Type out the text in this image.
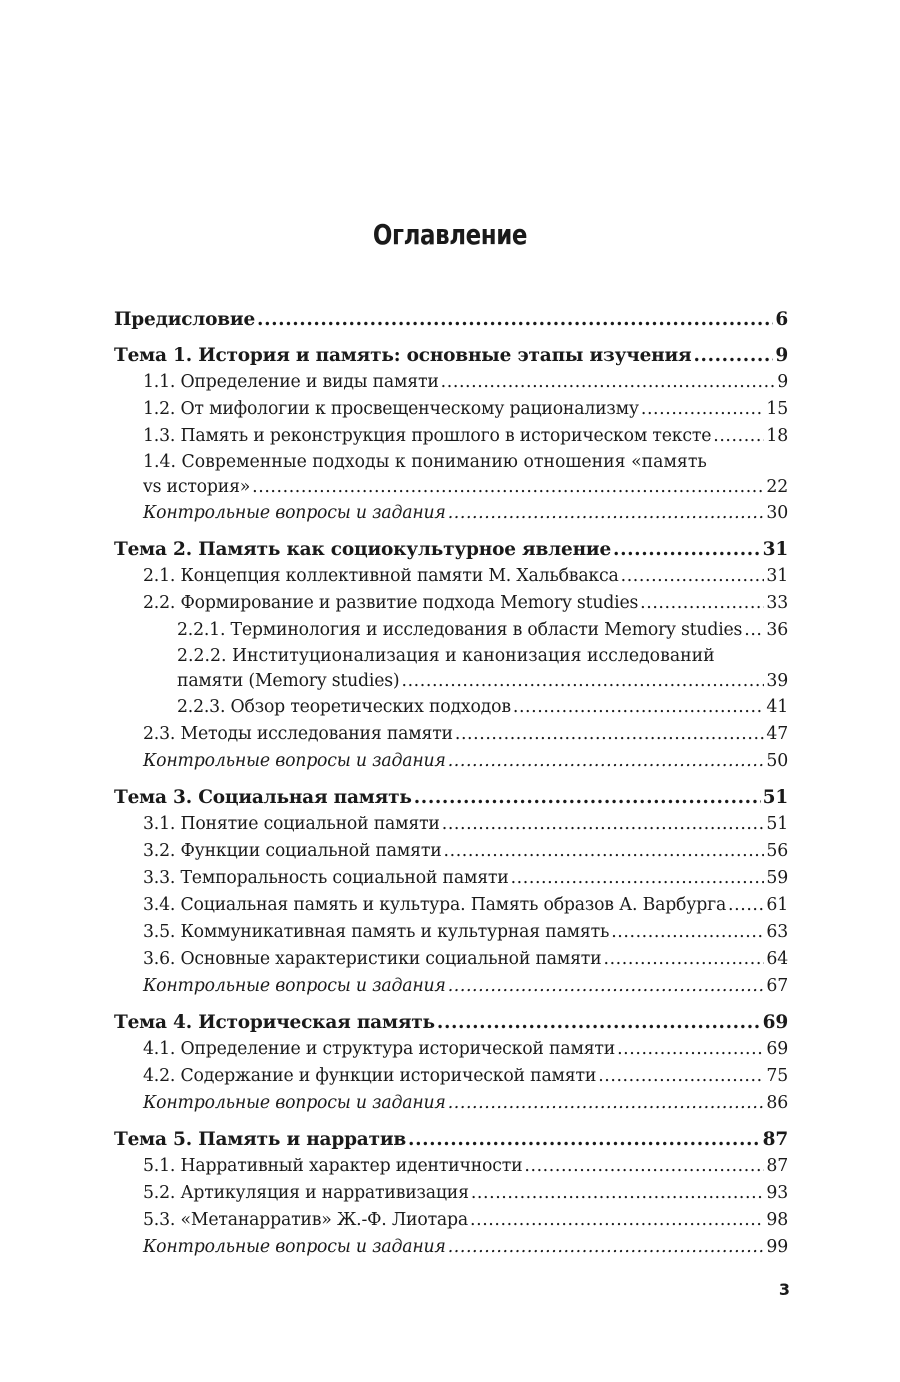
Оглавление
Предисловие .....	6
Тема 1. История и память: основные этапы изучения .....	9
1.1. Определение и виды памяти .....	9
1.2. От мифологии к просвещенческому рационализму .....	15
1.3. Память и реконструкция прошлого в историческом тексте .....	18
1.4. Современные подходы к пониманию отношения «память
vs история» .....	22
Контрольные вопросы и задания .....	30
Тема 2. Память как социокультурное явление .....	31
2.1. Концепция коллективной памяти М. Хальбвакса .....	31
2.2. Формирование и развитие подхода Memory studies .....	33
2.2.1. Терминология и исследования в области Memory studies ..... 36
2.2.2. Институционализация и канонизация исследований
памяти (Memory studies) .....	39
2.2.3. Обзор теоретических подходов .....	41
2.3. Методы исследования памяти .....	47
Контрольные вопросы и задания .....	50
Тема 3. Социальная память .....	51
3.1. Понятие социальной памяти .....	51
3.2. Функции социальной памяти .....	56
3.3. Темпоральность социальной памяти .....	59
3.4. Социальная память и культура. Память образов А. Варбурга ..... 61
3.5. Коммуникативная память и культурная память .....	63
3.6. Основные характеристики социальной памяти .....	64
Контрольные вопросы и задания .....	67
Тема 4. Историческая память .....	69
4.1. Определение и структура исторической памяти .....	69
4.2. Содержание и функции исторической памяти .....	75
Контрольные вопросы и задания .....	86
Тема 5. Память и нарратив .....	87
5.1. Нарративный характер идентичности .....	87
5.2. Артикуляция и нарративизация .....	93
5.3. «Метанарратив» Ж.-Ф. Лиотара .....	98
Контрольные вопросы и задания .....	99
3
